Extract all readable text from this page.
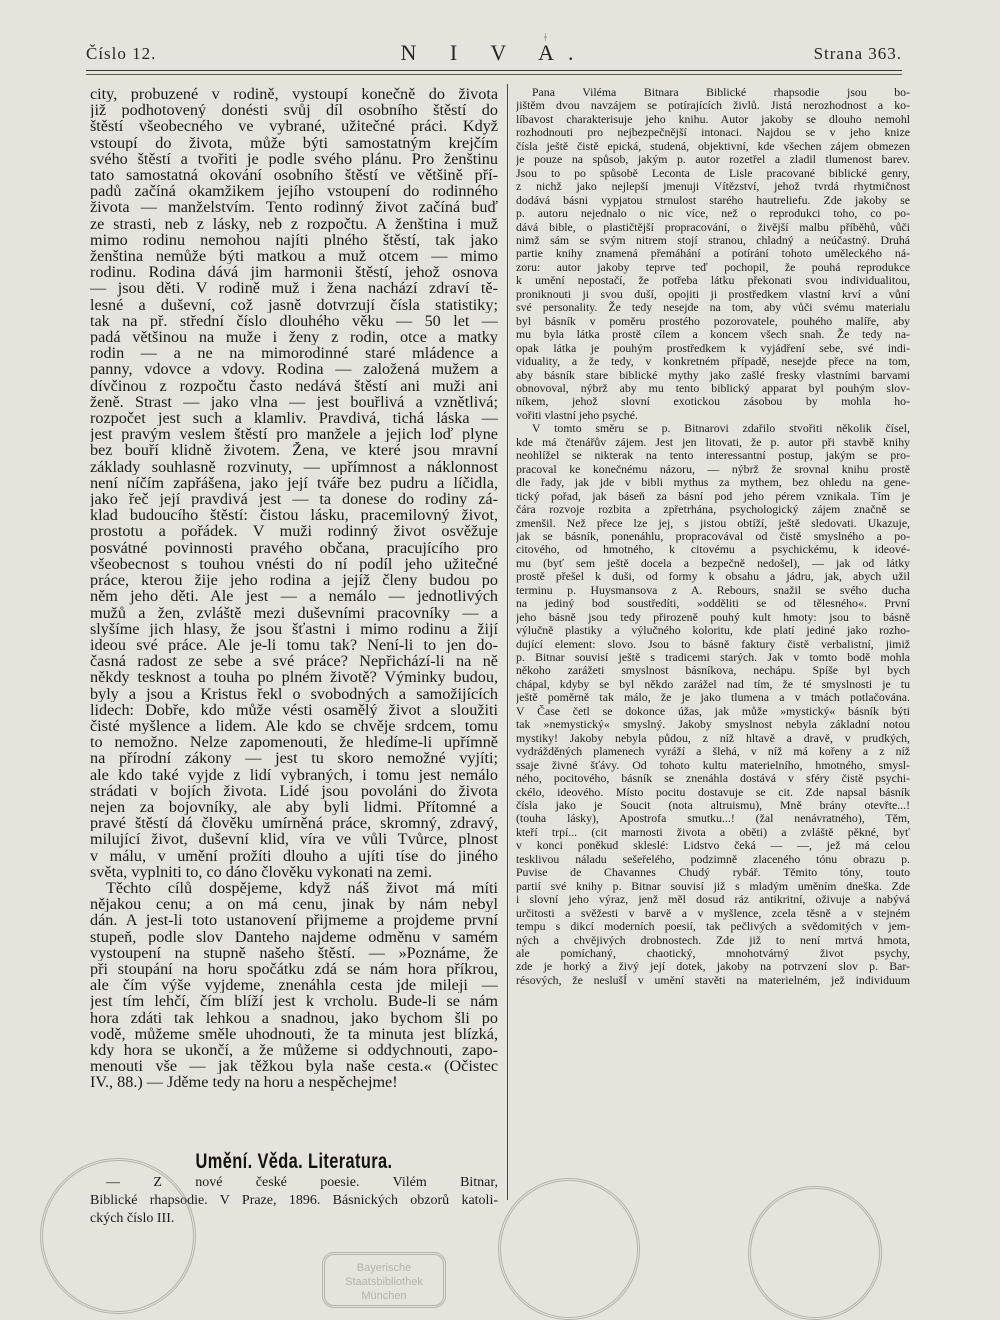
ǂ
Číslo 12.	N I V A.	Strana 363.
city, probuzené v rodině, vystoupí konečně do života
již podhotovený donésti svůj díl osobního štěstí do
štěstí všeobecného ve vybrané, užitečné práci. Když
vstoupí do života, může býti samostatným krejčím
svého štěstí a tvořiti je podle svého plánu. Pro ženštinu
tato samostatná okování osobního štěstí ve většině pří-
padů začíná okamžikem jejího vstoupení do rodinného
života — manželstvím. Tento rodinný život začíná buď
ze strasti, neb z lásky, neb z rozpočtu. A ženština i muž
mimo rodinu nemohou najíti plného štěstí, tak jako
ženština nemůže býti matkou a muž otcem — mimo
rodinu. Rodina dává jim harmonii štěstí, jehož osnova
— jsou děti. V rodině muž i žena nachází zdraví tě-
lesné a duševní, což jasně dotvrzují čísla statistiky;
tak na př. střední číslo dlouhého věku — 50 let —
padá většinou na muže i ženy z rodin, otce a matky
rodin — a ne na mimorodinné staré mládence a
panny, vdovce a vdovy. Rodina — založená mužem a
dívčinou z rozpočtu často nedává štěstí ani muži ani
ženě. Strast — jako vlna — jest bouřlivá a vznětlivá;
rozpočet jest such a klamliv. Pravdivá, tichá láska —
jest pravým veslem štěstí pro manžele a jejich loď plyne
bez bouří klidně životem. Žena, ve které jsou mravní
základy souhlasně rozvinuty, — upřímnost a náklonnost
není níčím zapřášena, jako její tváře bez pudru a líčidla,
jako řeč její pravdivá jest — ta donese do rodiny zá-
klad budoucího štěstí: čistou lásku, pracemilovný život,
prostotu a pořádek. V muži rodinný život osvěžuje
posvátné povinnosti pravého občana, pracujícího pro
všeobecnost s touhou vnésti do ní podíl jeho užitečné
práce, kterou žije jeho rodina a jejíž členy budou po
něm jeho děti. Ale jest — a nemálo — jednotlivých
mužů a žen, zvláště mezi duševními pracovníky — a
slyšíme jich hlasy, že jsou šťastni i mimo rodinu a žijí
ideou své práce. Ale je-li tomu tak? Není-li to jen do-
časná radost ze sebe a své práce? Nepřichází-li na ně
někdy tesknost a touha po plném životě? Výminky budou,
byly a jsou a Kristus řekl o svobodných a samožijících
lidech: Dobře, kdo může vésti osamělý život a sloužiti
čisté myšlence a lidem. Ale kdo se chvěje srdcem, tomu
to nemožno. Nelze zapomenouti, že hledíme-li upřímně
na přírodní zákony — jest tu skoro nemožné vyjíti;
ale kdo také vyjde z lidí vybraných, i tomu jest nemálo
strádati v bojích života. Lidé jsou povoláni do života
nejen za bojovníky, ale aby byli lidmi. Přítomné a
pravé štěstí dá člověku umírněná práce, skromný, zdravý,
milující život, duševní klid, víra ve vůli Tvůrce, plnost
v málu, v umění prožíti dlouho a ujíti tíse do jiného
světa, vyplniti to, co dáno člověku vykonati na zemi.
Těchto cílů dospějeme, když náš život má míti
nějakou cenu; a on má cenu, jinak by nám nebyl
dán. A jest-li toto ustanovení přijmeme a projdeme první
stupeň, podle slov Danteho najdeme odměnu v samém
vystoupení na stupně našeho štěstí. — »Poznáme, že
při stoupání na horu spočátku zdá se nám hora příkrou,
ale čím výše vyjdeme, znenáhla cesta jde mileji —
jest tím lehčí, čím blíží jest k vrcholu. Bude-li se nám
hora zdáti tak lehkou a snadnou, jako bychom šli po
vodě, můžeme směle uhodnouti, že ta minuta jest blízká,
kdy hora se ukončí, a že můžeme si oddychnouti, zapo-
menouti vše — jak těžkou byla naše cesta.« (Očistec
IV., 88.) — Jděme tedy na horu a nespěchejme!
Umění. Věda. Literatura.
— Z nové české poesie. Vilém Bitnar,
Biblické rhapsodie. V Praze, 1896. Básnických obzorů katoli-
ckých číslo III.
Pana Viléma Bitnara Biblické rhapsodie jsou bo-
jištěm dvou navzájem se potírajících živlů. Jistá nerozhodnost a ko-
líbavost charakterisuje jeho knihu. Autor jakoby se dlouho nemohl
rozhodnouti pro nejbezpečnější intonaci. Najdou se v jeho knize
čísla ještě čistě epická, studená, objektivní, kde všechen zájem obmezen
je pouze na spůsob, jakým p. autor rozetřel a zladil tlumenost barev.
Jsou to po spůsobě Leconta de Lisle pracované biblické genry,
z nichž jako nejlepší jmenuji Vítězství, jehož tvrdá rhytmičnost
dodává básni vypjatou strnulost starého hautreliefu. Zde jakoby se
p. autoru nejednalo o nic více, než o reprodukci toho, co po-
dává bible, o plastičtější propracování, o živější malbu příběhů, vůči
nimž sám se svým nitrem stojí stranou, chladný a neúčastný. Druhá
partie knihy znamená přemáhání a potírání tohoto uměleckého ná-
zoru: autor jakoby teprve teď pochopil, že pouhá reprodukce
k umění nepostačí, že potřeba látku překonati svou individualitou,
proniknouti ji svou duší, opojiti ji prostředkem vlastní krví a vůní
své personality. Že tedy nesejde na tom, aby vůči svému materialu
byl básník v poměru prostého pozorovatele, pouhého malíře, aby
mu byla látka prostě cílem a koncem všech snah. Že tedy na-
opak látka je pouhým prostředkem k vyjádření sebe, své indi-
viduality, a že tedy, v konkretném případě, nesejde přece na tom,
aby básník stare biblické mythy jako zašlé fresky vlastními barvami
obnovoval, nýbrž aby mu tento biblický apparat byl pouhým slov-
níkem, jehož slovní exotickou zásobou by mohla ho-
vořiti vlastní jeho psyché.
V tomto směru se p. Bitnarovi zdařilo stvořiti několik čísel,
kde má čtenářův zájem. Jest jen litovati, že p. autor při stavbě knihy
neohlížel se nikterak na tento interessantní postup, jakým se pro-
pracoval ke konečnému názoru, — nýbrž že srovnal knihu prostě
dle řady, jak jde v bibli mythus za mythem, bez ohledu na gene-
tický pořad, jak báseň za básní pod jeho pérem vznikala. Tím je
čára rozvoje rozbita a zpřetrhána, psychologický zájem značně se
zmenšil. Než přece lze jej, s jistou obtíží, ještě sledovati. Ukazuje,
jak se básník, ponenáhlu, propracovával od čistě smyslného a po-
citového, od hmotného, k citovému a psychickému, k ideové-
mu (byť sem ještě docela a bezpečně nedošel), — jak od látky
prostě přešel k duši, od formy k obsahu a jádru, jak, abych užil
terminu p. Huysmansova z A. Rebours, snažil se svého ducha
na jediný bod soustředíti, »odděliti se od tělesného«. První
jeho básně jsou tedy přirozeně pouhý kult hmoty: jsou to básně
výlučně plastiky a výlučného koloritu, kde platí jediné jako rozho-
dující element: slovo. Jsou to básně faktury čistě verbalistní, jimiž
p. Bitnar souvisí ještě s tradicemi starých. Jak v tomto bodě mohla
někoho zarážeti smyslnost básníkova, nechápu. Spíše byl bych
chápal, kdyby se byl někdo zarážel nad tím, že té smyslnosti je tu
ještě poměrně tak málo, že je jako tlumena a v tmách potlačována.
V Čase četl se dokonce úžas, jak může »mystický« básník býti
tak »nemystický« smyslný. Jakoby smyslnost nebyla základní notou
mystiky! Jakoby nebyla půdou, z níž hltavě a dravě, v prudkých,
vydrážděných plamenech vyráží a šlehá, v níž má kořeny a z níž
ssaje živné šťávy. Od tohoto kultu materielního, hmotného, smysl-
ného, pocitového, básník se znenáhla dostává v sféry čistě psychi-
ckélo, ideového. Místo pocitu dostavuje se cit. Zde napsal básník
čísla jako je Soucit (nota altruismu), Mně brány otevřte...!
(touha lásky), Apostrofa smutku...! (žal nenávratného), Těm,
kteří trpí... (cit marnosti života a oběti) a zvláště pěkné, byť
v konci poněkud skleslé: Lidstvo čeká — —, jež má celou
tesklivou náladu sešeřelého, podzimně zlaceného tónu obrazu p.
Puvise de Chavannes Chudý rybář. Těmito tóny, touto
partií své knihy p. Bitnar souvisí již s mladým uměním dneška. Zde
i slovní jeho výraz, jenž měl dosud ráz antikritní, oživuje a nabývá
určitosti a svěžesti v barvě a v myšlence, zcela těsně a v stejném
tempu s dikcí moderních poesií, tak pečlivých a svědomitých v jem-
ných a chvějivých drobnostech. Zde již to není mrtvá hmota,
ale pomíchaný, chaotický, mnohotvárný život psychy,
zde je horký a živý její dotek, jakoby na potrvzení slov p. Bar-
résových, že neslušÍ v umění stavěti na materielném, jež individuum
Bayerische
Staatsbibliothek
München
